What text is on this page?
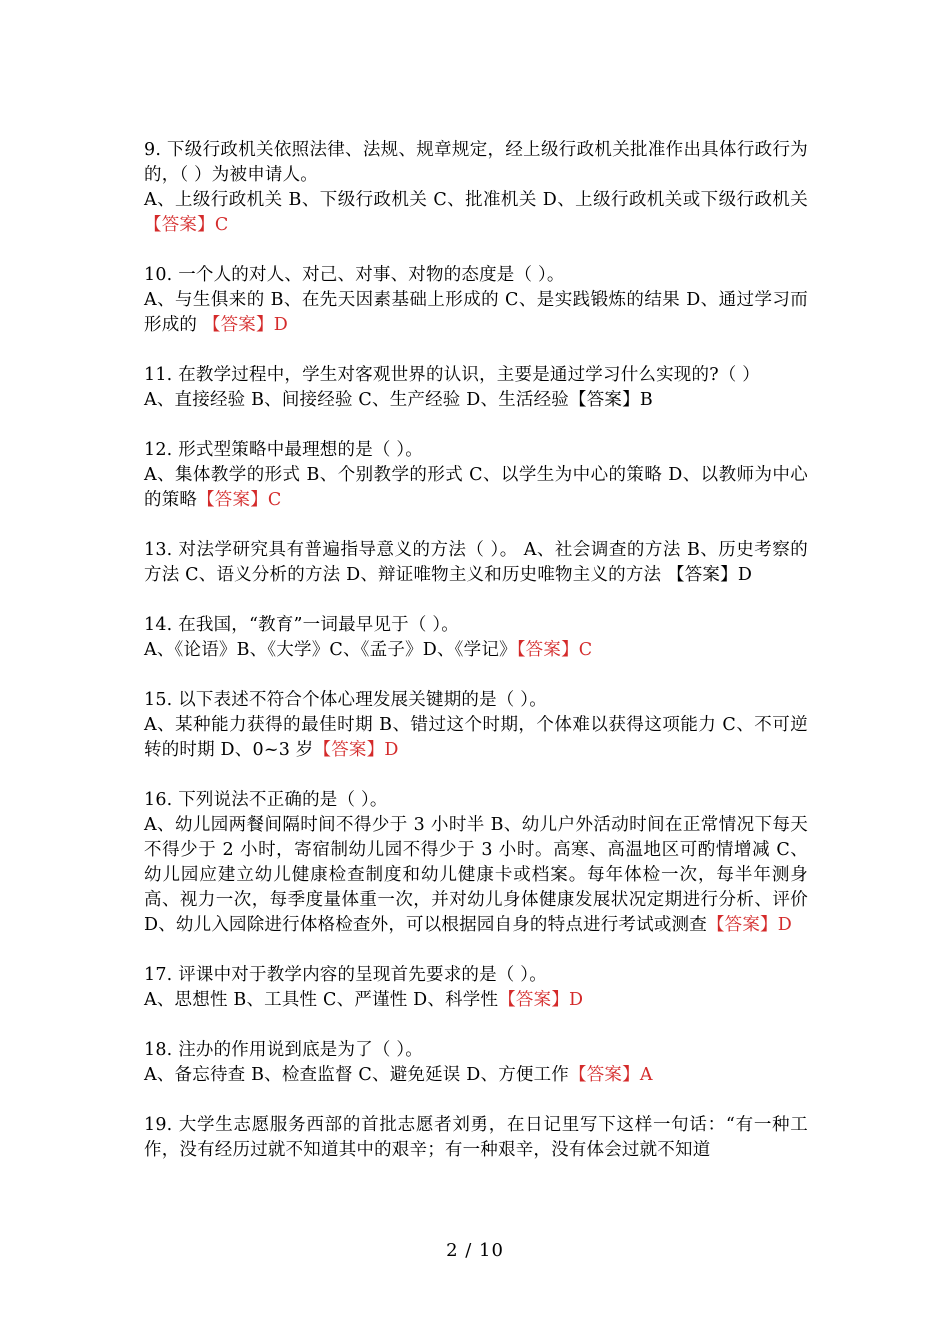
9. 下级行政机关依照法律、法规、规章规定，经上级行政机关批准作出具体行政行为的，（ ）为被申请人。
A、上级行政机关 B、下级行政机关 C、批准机关 D、上级行政机关或下级行政机关【答案】C

10. 一个人的对人、对己、对事、对物的态度是（ ）。
A、与生俱来的 B、在先天因素基础上形成的 C、是实践锻炼的结果 D、通过学习而形成的 【答案】D

11. 在教学过程中，学生对客观世界的认识，主要是通过学习什么实现的?（ ）
A、直接经验 B、间接经验 C、生产经验 D、生活经验【答案】B

12. 形式型策略中最理想的是（ ）。
A、集体教学的形式 B、个别教学的形式 C、以学生为中心的策略 D、以教师为中心的策略【答案】C

13. 对法学研究具有普遍指导意义的方法（ ）。 A、社会调查的方法 B、历史考察的方法 C、语义分析的方法 D、辩证唯物主义和历史唯物主义的方法 【答案】D

14. 在我国，“教育”一词最早见于（ ）。
A、《论语》B、《大学》C、《孟子》D、《学记》【答案】C

15. 以下表述不符合个体心理发展关键期的是（ ）。
A、某种能力获得的最佳时期 B、错过这个时期，个体难以获得这项能力 C、不可逆转的时期 D、0~3 岁【答案】D

16. 下列说法不正确的是（ ）。
A、幼儿园两餐间隔时间不得少于 3 小时半 B、幼儿户外活动时间在正常情况下每天不得少于 2 小时，寄宿制幼儿园不得少于 3 小时。高寒、高温地区可酌情增减 C、幼儿园应建立幼儿健康检查制度和幼儿健康卡或档案。每年体检一次，每半年测身高、视力一次，每季度量体重一次，并对幼儿身体健康发展状况定期进行分析、评价 D、幼儿入园除进行体格检查外，可以根据园自身的特点进行考试或测查【答案】D

17. 评课中对于教学内容的呈现首先要求的是（ ）。
A、思想性 B、工具性 C、严谨性 D、科学性【答案】D

18. 注办的作用说到底是为了（ ）。
A、备忘待查 B、检查监督 C、避免延误 D、方便工作【答案】A

19. 大学生志愿服务西部的首批志愿者刘勇，在日记里写下这样一句话：“有一种工作，没有经历过就不知道其中的艰辛；有一种艰辛，没有体会过就不知道

2 / 10
